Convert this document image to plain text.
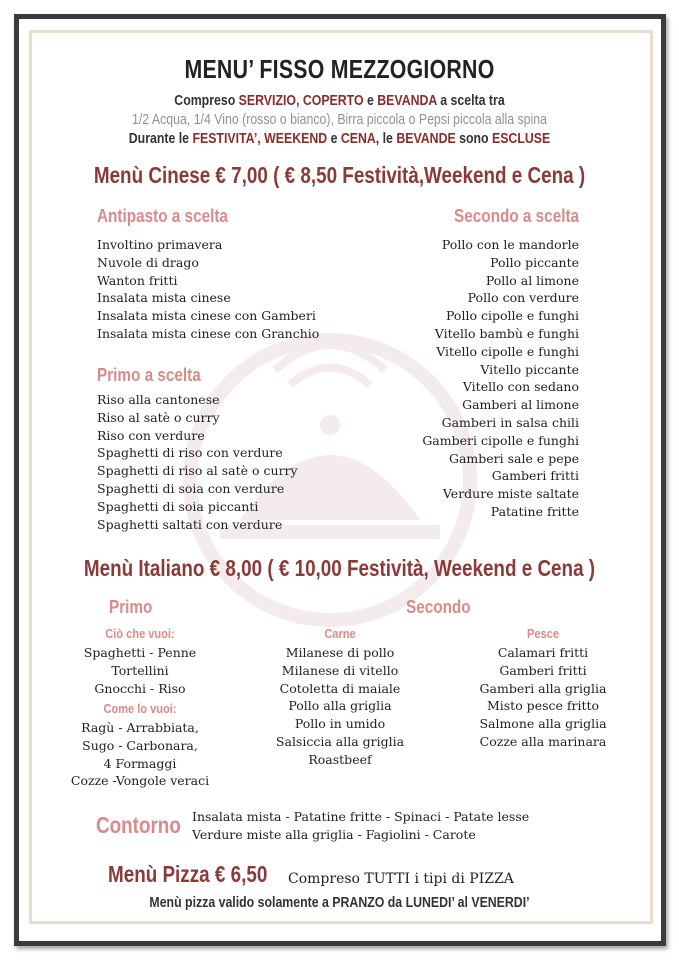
MENU’ FISSO MEZZOGIORNO
Compreso SERVIZIO, COPERTO e BEVANDA a scelta tra
1/2 Acqua, 1/4 Vino (rosso o bianco), Birra piccola o Pepsi piccola alla spina
Durante le FESTIVITA’, WEEKEND e CENA, le BEVANDE sono ESCLUSE
Menù Cinese € 7,00 ( € 8,50 Festività,Weekend e Cena )
Antipasto a scelta
Involtino primavera
Nuvole di drago
Wanton fritti
Insalata mista cinese
Insalata mista cinese con Gamberi
Insalata mista cinese con Granchio
Primo a scelta
Riso alla cantonese
Riso al satè o curry
Riso con verdure
Spaghetti di riso con verdure
Spaghetti di riso al satè o curry
Spaghetti di soia con verdure
Spaghetti di soia piccanti
Spaghetti saltati con verdure
Secondo a scelta
Pollo con le mandorle
Pollo piccante
Pollo al limone
Pollo con verdure
Pollo cipolle e funghi
Vitello bambù e funghi
Vitello cipolle e funghi
Vitello piccante
Vitello con sedano
Gamberi al limone
Gamberi in salsa chili
Gamberi cipolle e funghi
Gamberi sale e pepe
Gamberi fritti
Verdure miste saltate
Patatine fritte
Menù Italiano € 8,00 ( € 10,00 Festività, Weekend e Cena )
Primo	Secondo
Ciò che vuoi:
Spaghetti - Penne
Tortellini
Gnocchi - Riso
Come lo vuoi:
Ragù - Arrabbiata,
Sugo - Carbonara,
4 Formaggi
Cozze -Vongole veraci
Carne
Milanese di pollo
Milanese di vitello
Cotoletta di maiale
Pollo alla griglia
Pollo in umido
Salsiccia alla griglia
Roastbeef
Pesce
Calamari fritti
Gamberi fritti
Gamberi alla griglia
Misto pesce fritto
Salmone alla griglia
Cozze alla marinara
Contorno Insalata mista - Patatine fritte - Spinaci - Patate lesse
Verdure miste alla griglia - Fagiolini - Carote
Menù Pizza € 6,50 Compreso TUTTI i tipi di PIZZA
Menù pizza valido solamente a PRANZO da LUNEDI’ al VENERDI’
